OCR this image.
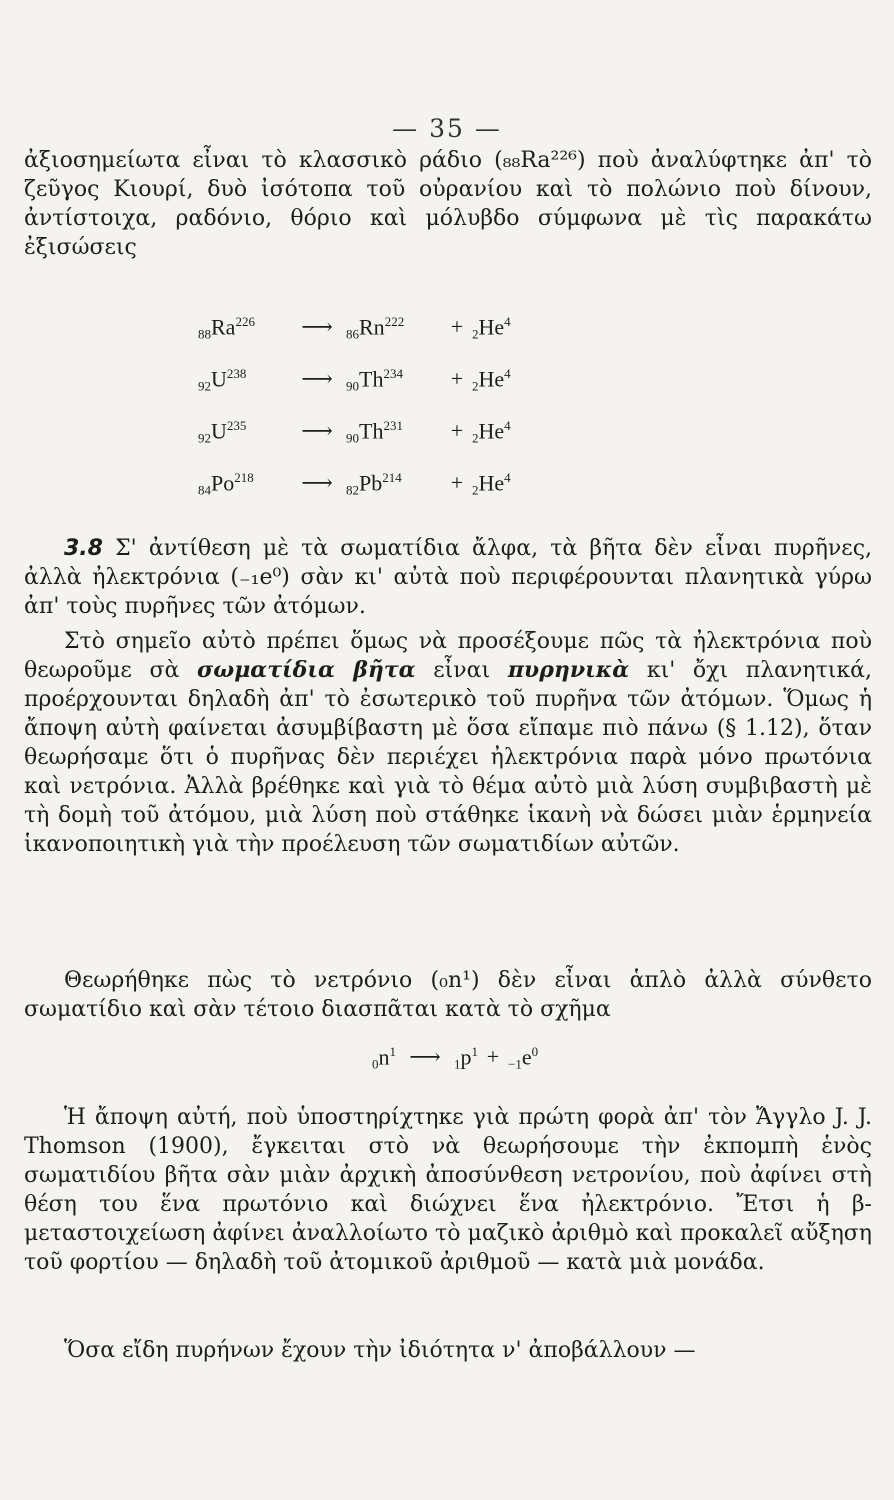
— 35 —

ἀξιοσημείωτα εἶναι τὸ κλασσικὸ ράδιο (₈₈Ra²²⁶) ποὺ ἀναλύφτηκε ἀπ' τὸ ζεῦγος Κιουρί, δυὸ ἰσότοπα τοῦ οὐρανίου καὶ τὸ πολώνιο ποὺ δίνουν, ἀντίστοιχα, ραδόνιο, θόριο καὶ μόλυβδο σύμφωνα μὲ τὶς παρακάτω ἐξισώσεις

88Ra$^{226}$ ⟶ $86Rn^{222} + 2He^4$
$92U^{238}$ ⟶ $90Th^{234} + 2He^4$
$92U^{235}$ ⟶ $90Th^{231} + 2He^4$
84Po$^{218}$ ⟶ $82Pb^{214} + 2He^4$

3.8 Σ' ἀντίθεση μὲ τὰ σωματίδια ἄλφα, τὰ βῆτα δὲν εἶναι πυρῆνες, ἀλλὰ ἠλεκτρόνια (₋₁e⁰) σὰν κι' αὐτὰ ποὺ περιφέρουνται πλανητικὰ γύρω ἀπ' τοὺς πυρῆνες τῶν ἀτόμων.

Στὸ σημεῖο αὐτὸ πρέπει ὅμως νὰ προσέξουμε πῶς τὰ ἠλεκτρόνια ποὺ θεωροῦμε σὰ σωματίδια βῆτα εἶναι πυρηνικὰ κι' ὄχι πλανητικά, προέρχουνται δηλαδὴ ἀπ' τὸ ἐσωτερικὸ τοῦ πυρῆνα τῶν ἀτόμων. Ὅμως ἡ ἄποψη αὐτὴ φαίνεται ἀσυμβίβαστη μὲ ὅσα εἴπαμε πιὸ πάνω (§ 1.12), ὅταν θεωρήσαμε ὅτι ὁ πυρῆνας δὲν περιέχει ἠλεκτρόνια παρὰ μόνο πρωτόνια καὶ νετρόνια. Ἀλλὰ βρέθηκε καὶ γιὰ τὸ θέμα αὐτὸ μιὰ λύση συμβιβαστὴ μὲ τὴ δομὴ τοῦ ἀτόμου, μιὰ λύση ποὺ στάθηκε ἱκανὴ νὰ δώσει μιὰν ἑρμηνεία ἱκανοποιητικὴ γιὰ τὴν προέλευση τῶν σωματιδίων αὐτῶν.

Θεωρήθηκε πὼς τὸ νετρόνιο (₀n¹) δὲν εἶναι ἁπλὸ ἀλλὰ σύνθετο σωματίδιο καὶ σὰν τέτοιο διασπᾶται κατὰ τὸ σχῆμα

$0n^1$ ⟶ $1p^1 + -1e^0$

Ἡ ἄποψη αὐτή, ποὺ ὑποστηρίχτηκε γιὰ πρώτη φορὰ ἀπ' τὸν Ἄγγλο J. J. Thomson (1900), ἔγκειται στὸ νὰ θεωρήσουμε τὴν ἐκπομπὴ ἑνὸς σωματιδίου βῆτα σὰν μιὰν ἀρχικὴ ἀποσύνθεση νετρονίου, ποὺ ἀφίνει στὴ θέση του ἕνα πρωτόνιο καὶ διώχνει ἕνα ἠλεκτρόνιο. Ἔτσι ἡ β-μεταστοιχείωση ἀφίνει ἀναλλοίωτο τὸ μαζικὸ ἀριθμὸ καὶ προκαλεῖ αὔξηση τοῦ φορτίου — δηλαδὴ τοῦ ἀτομικοῦ ἀριθμοῦ — κατὰ μιὰ μονάδα.

Ὅσα εἴδη πυρήνων ἔχουν τὴν ἰδιότητα ν' ἀποβάλλουν —
